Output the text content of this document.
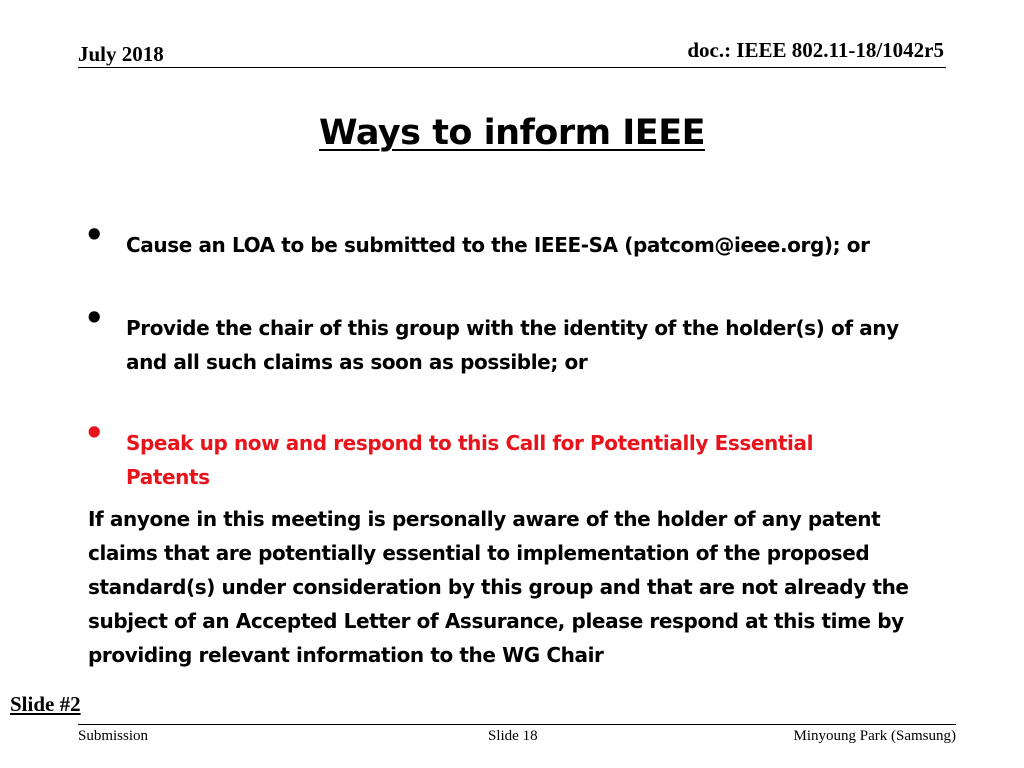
July 2018	doc.: IEEE 802.11-18/1042r5
Ways to inform IEEE
• Cause an LOA to be submitted to the IEEE-SA (patcom@ieee.org); or
• Provide the chair of this group with the identity of the holder(s) of any and all such claims as soon as possible; or
• Speak up now and respond to this Call for Potentially Essential
Patents
If anyone in this meeting is personally aware of the holder of any patent claims that are potentially essential to implementation of the proposed standard(s) under consideration by this group and that are not already the subject of an Accepted Letter of Assurance, please respond at this time by providing relevant information to the WG Chair
Slide #2
Submission	Slide 18	Minyoung Park (Samsung)
